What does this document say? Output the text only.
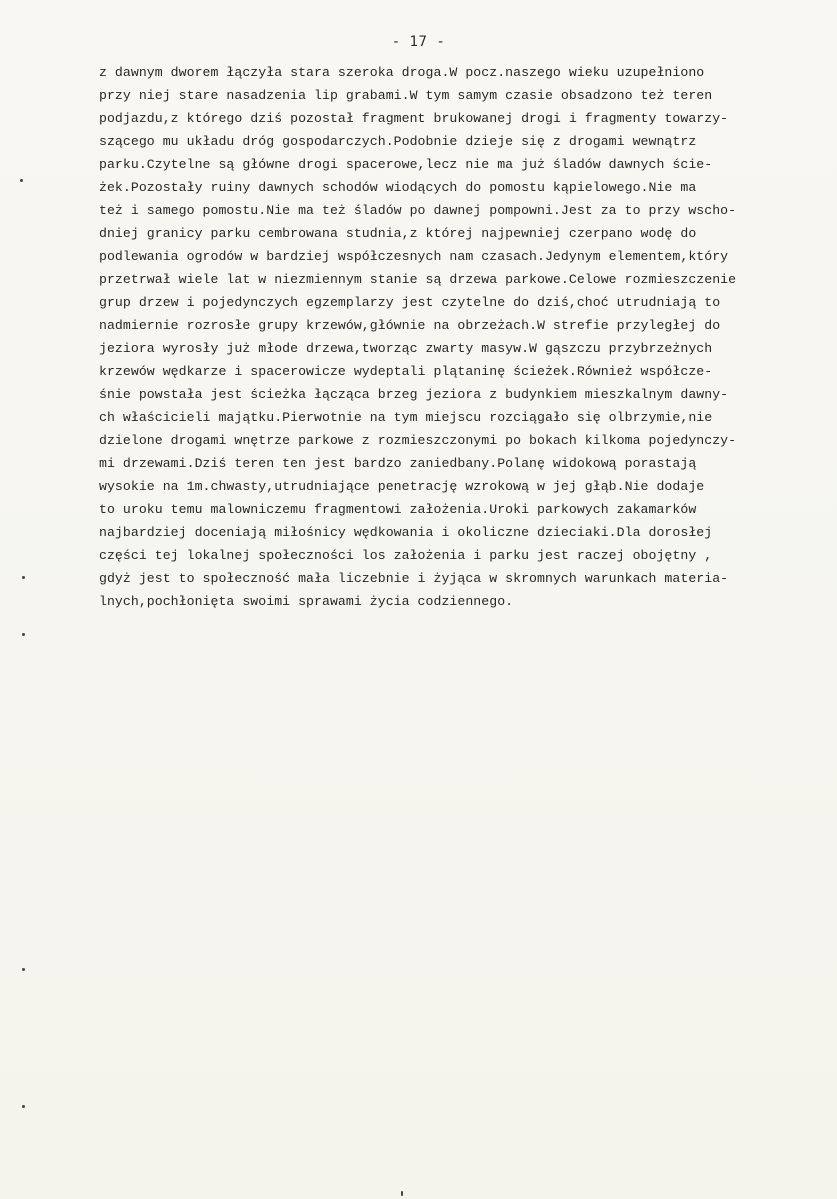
- 17 -
z dawnym dworem łączyła stara szeroka droga.W pocz.naszego wieku uzupełniono
przy niej stare nasadzenia lip grabami.W tym samym czasie obsadzono też teren
podjazdu,z którego dziś pozostał fragment brukowanej drogi i fragmenty towarzy-
szącego mu układu dróg gospodarczych.Podobnie dzieje się z drogami wewnątrz
parku.Czytelne są główne drogi spacerowe,lecz nie ma już śladów dawnych ście-
żek.Pozostały ruiny dawnych schodów wiodących do pomostu kąpielowego.Nie ma
też i samego pomostu.Nie ma też śladów po dawnej pompowni.Jest za to przy wscho-
dniej granicy parku cembrowana studnia,z której najpewniej czerpano wodę do
podlewania ogrodów w bardziej współczesnych nam czasach.Jedynym elementem,który
przetrwał wiele lat w niezmiennym stanie są drzewa parkowe.Celowe rozmieszczenie
grup drzew i pojedynczych egzemplarzy jest czytelne do dziś,choć utrudniają to
nadmiernie rozrosłe grupy krzewów,głównie na obrzeżach.W strefie przyległej do
jeziora wyrosły już młode drzewa,tworząc zwarty masyw.W gąszczu przybrzeżnych
krzewów wędkarze i spacerowicze wydeptali plątaninę ścieżek.Również współcze-
śnie powstała jest ścieżka łącząca brzeg jeziora z budynkiem mieszkalnym dawny-
ch właścicieli majątku.Pierwotnie na tym miejscu rozciągało się olbrzymie,nie
dzielone drogami wnętrze parkowe z rozmieszczonymi po bokach kilkoma pojedynczy-
mi drzewami.Dziś teren ten jest bardzo zaniedbany.Polanę widokową porastają
wysokie na 1m.chwasty,utrudniające penetrację wzrokową w jej głąb.Nie dodaje
to uroku temu malowniczemu fragmentowi założenia.Uroki parkowych zakamarków
najbardziej doceniają miłośnicy wędkowania i okoliczne dzieciaki.Dla dorosłej
części tej lokalnej społeczności los założenia i parku jest raczej obojętny ,
gdyż jest to społeczność mała liczebnie i żyjąca w skromnych warunkach materia-
lnych,pochłonięta swoimi sprawami życia codziennego.
